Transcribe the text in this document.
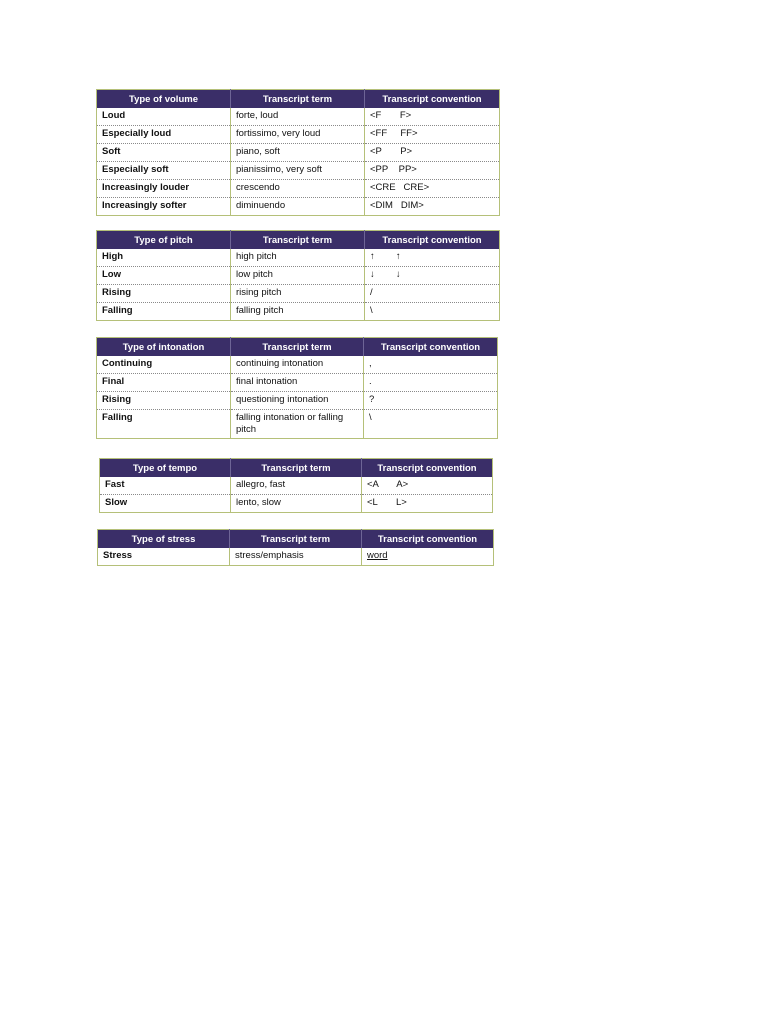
Type of volume	Transcript term	Transcript convention
Loud	forte, loud	<F       F>
Especially loud	fortissimo, very loud	<FF     FF>
Soft	piano, soft	<P       P>
Especially soft	pianissimo, very soft	<PP    PP>
Increasingly louder	crescendo	<CRE   CRE>
Increasingly softer	diminuendo	<DIM   DIM>
Type of pitch	Transcript term	Transcript convention
High	high pitch	↑        ↑
Low	low pitch	↓        ↓
Rising	rising pitch	/
Falling	falling pitch	\
Type of intonation	Transcript term	Transcript convention
Continuing	continuing intonation	,
Final	final intonation	.
Rising	questioning intonation	?
Falling	falling intonation or falling pitch	\
Type of tempo	Transcript term	Transcript convention
Fast	allegro, fast	<A       A>
Slow	lento, slow	<L       L>
Type of stress	Transcript term	Transcript convention
Stress	stress/emphasis	word
